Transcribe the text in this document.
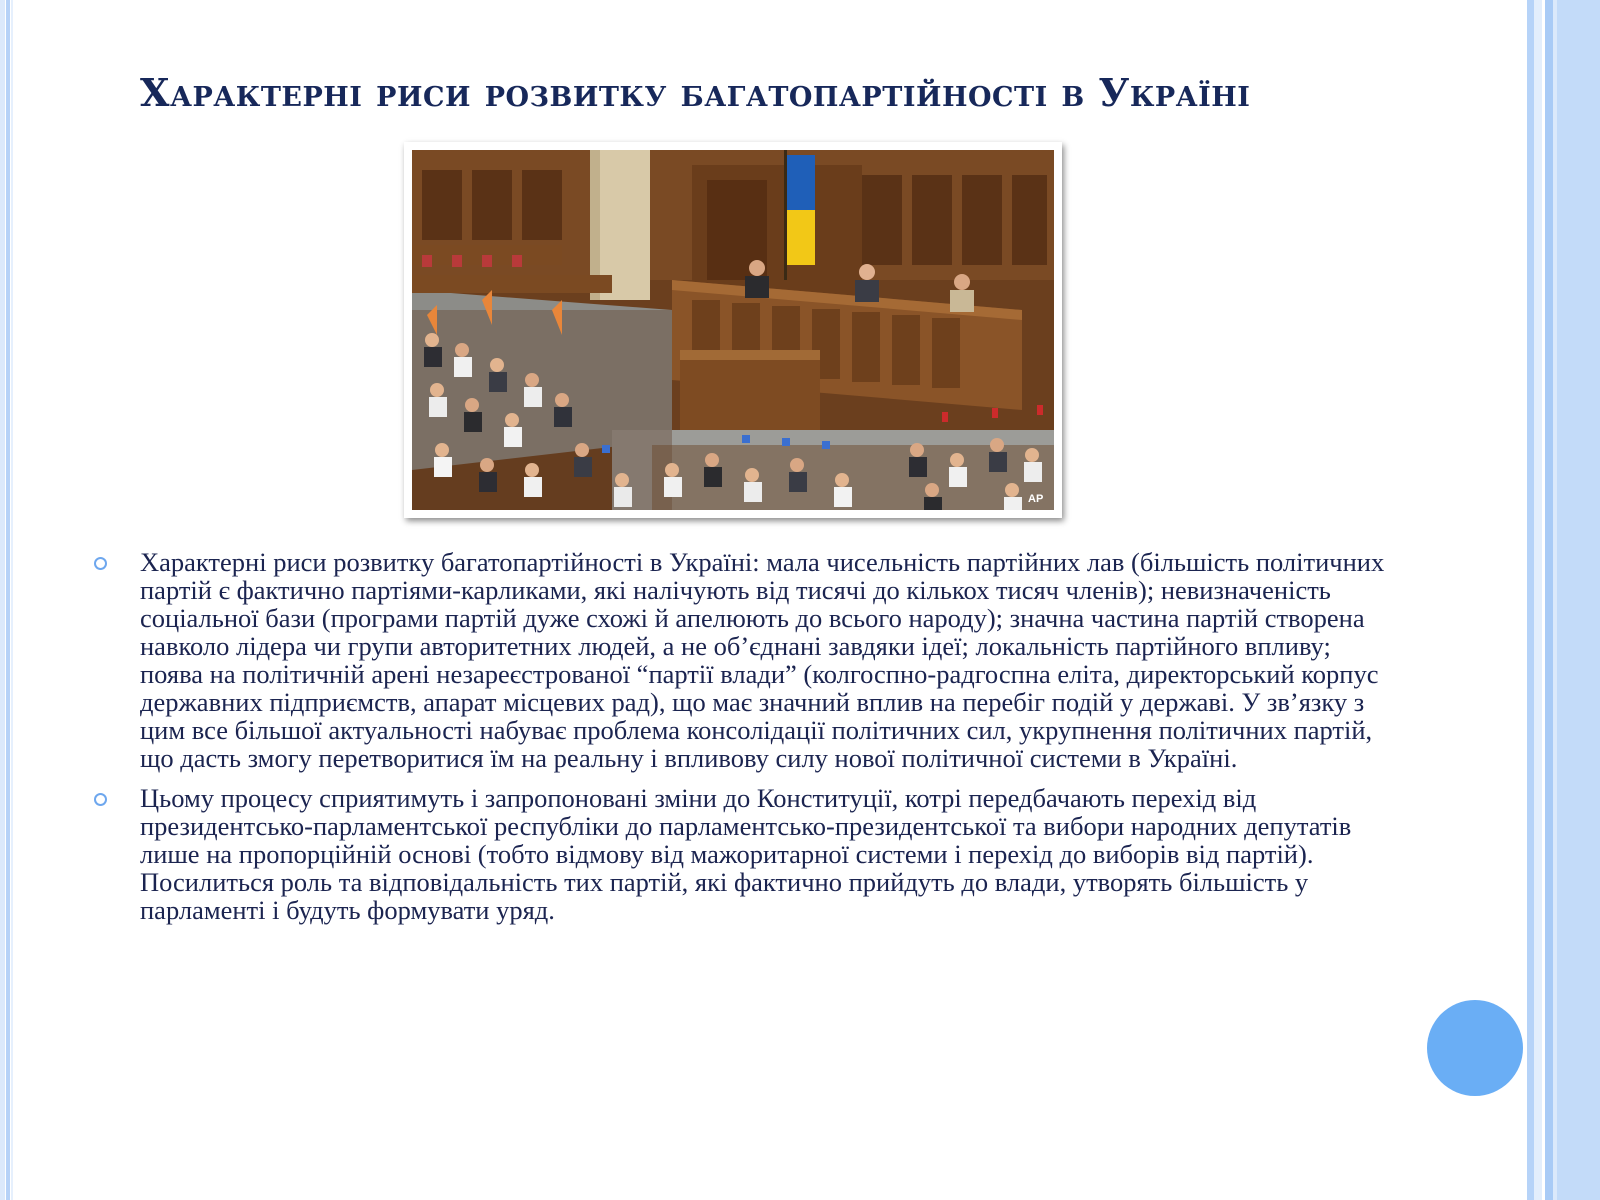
Характерні риси розвитку багатопартійності в Україні
AP
Характерні риси розвитку багатопартійності в Україні: мала чисельність партійних лав (більшість політичних партій є фактично партіями-карликами, які налічують від тисячі до кількох тисяч членів); невизначеність соціальної бази (програми партій дуже схожі й апелюють до всього народу); значна частина партій створена навколо лідера чи групи авторитетних людей, а не об’єднані завдяки ідеї; локальність партійного впливу; поява на політичній арені незареєстрованої “партії влади” (колгоспно-радгоспна еліта, директорський корпус державних підприємств, апарат місцевих рад), що має значний вплив на перебіг подій у державі. У зв’язку з цим все більшої актуальності набуває проблема консолідації політичних сил, укрупнення політичних партій, що дасть змогу перетворитися їм на реальну і впливову силу нової політичної системи в Україні.
Цьому процесу сприятимуть і запропоновані зміни до Конституції, котрі передбачають перехід від президентсько-парламентської республіки до парламентсько-президентської та вибори народних депутатів лише на пропорційній основі (тобто відмову від мажоритарної системи і перехід до виборів від партій). Посилиться роль та відповідальність тих партій, які фактично прийдуть до влади, утворять більшість у парламенті і будуть формувати уряд.
